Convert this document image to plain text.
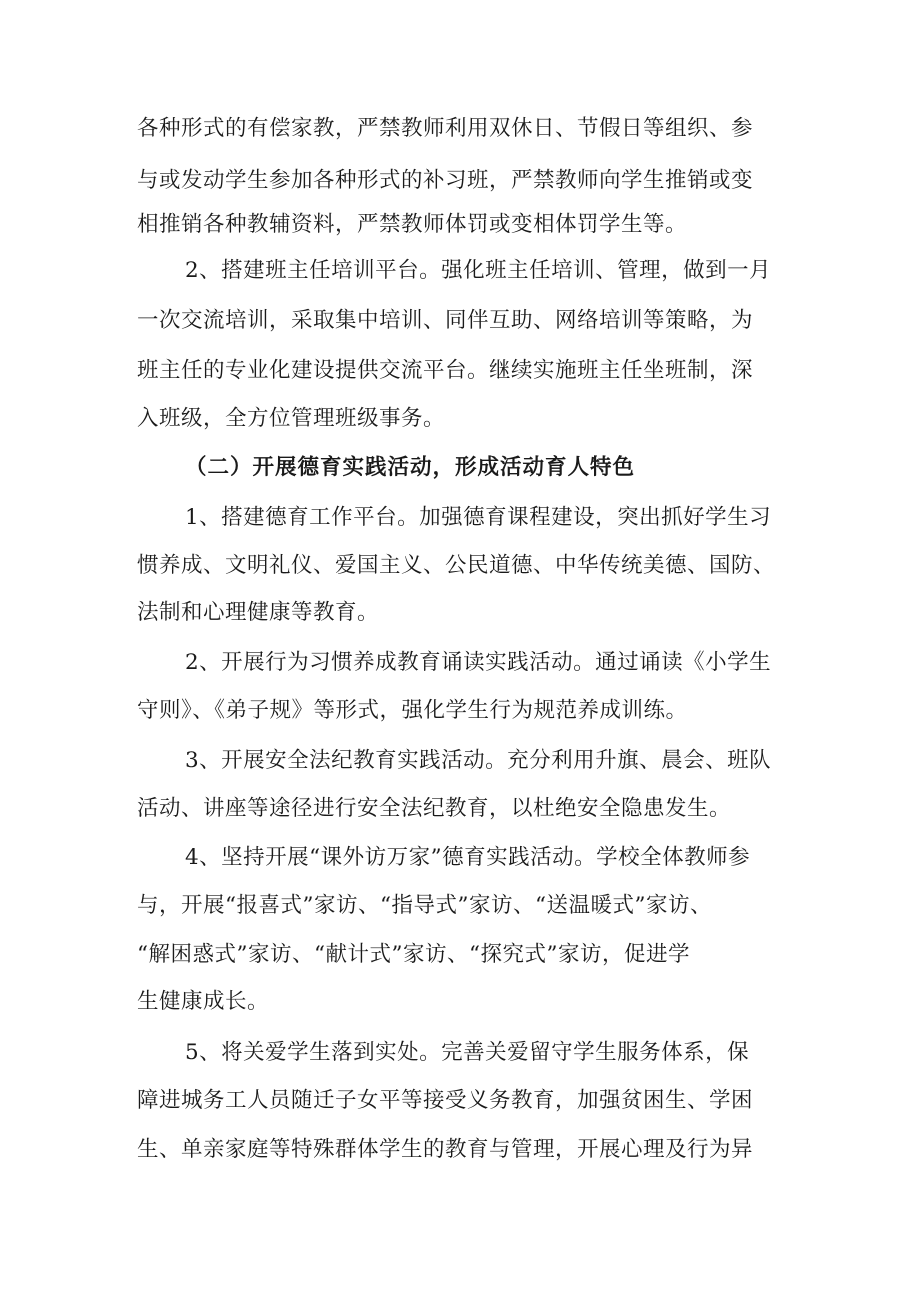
各种形式的有偿家教，严禁教师利用双休日、节假日等组织、参
与或发动学生参加各种形式的补习班，严禁教师向学生推销或变
相推销各种教辅资料，严禁教师体罚或变相体罚学生等。
2、搭建班主任培训平台。强化班主任培训、管理，做到一月
一次交流培训，采取集中培训、同伴互助、网络培训等策略，为
班主任的专业化建设提供交流平台。继续实施班主任坐班制，深
入班级，全方位管理班级事务。
（二）开展德育实践活动，形成活动育人特色
1、搭建德育工作平台。加强德育课程建设，突出抓好学生习
惯养成、文明礼仪、爱国主义、公民道德、中华传统美德、国防、
法制和心理健康等教育。
2、开展行为习惯养成教育诵读实践活动。通过诵读《小学生
守则》、《弟子规》等形式，强化学生行为规范养成训练。
3、开展安全法纪教育实践活动。充分利用升旗、晨会、班队
活动、讲座等途径进行安全法纪教育，以杜绝安全隐患发生。
4、坚持开展“课外访万家”德育实践活动。学校全体教师参
与，开展“报喜式”家访、“指导式”家访、“送温暖式”家访、
“解困惑式”家访、“献计式”家访、“探究式”家访，促进学
生健康成长。
5、将关爱学生落到实处。完善关爱留守学生服务体系，保
障进城务工人员随迁子女平等接受义务教育，加强贫困生、学困
生、单亲家庭等特殊群体学生的教育与管理，开展心理及行为异
